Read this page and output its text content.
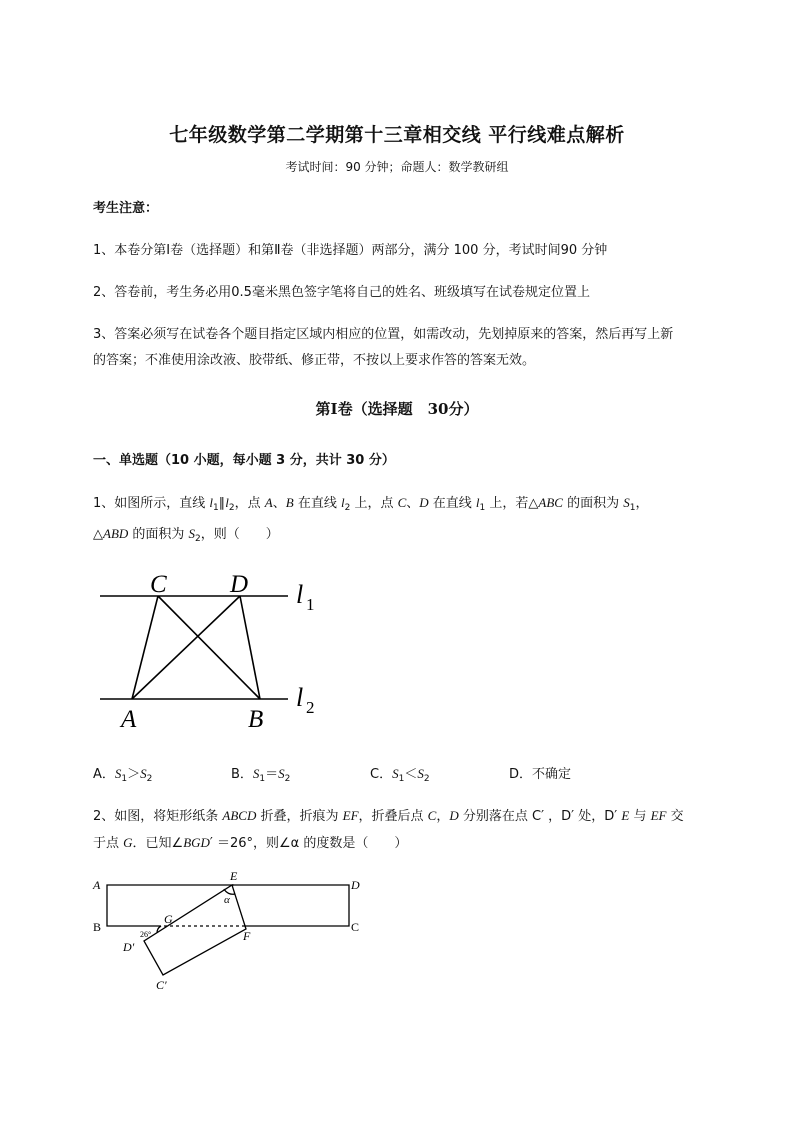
七年级数学第二学期第十三章相交线 平行线难点解析
考试时间：90 分钟；命题人：数学教研组
考生注意：
1、本卷分第Ⅰ卷（选择题）和第Ⅱ卷（非选择题）两部分，满分 100 分，考试时间90 分钟
2、答卷前，考生务必用0.5毫米黑色签字笔将自己的姓名、班级填写在试卷规定位置上
3、答案必须写在试卷各个题目指定区域内相应的位置，如需改动，先划掉原来的答案，然后再写上新
的答案；不准使用涂改液、胶带纸、修正带，不按以上要求作答的答案无效。
第Ⅰ卷（选择题　30分）
一、单选题（10 小题，每小题 3 分，共计 30 分）
1、如图所示，直线 $l_1\parallel l_2$，点 A、B 在直线 $l_2$ 上，点 C、D 在直线 $l_1$ 上，若△ABC 的面积为 $S_1$，
△ABD 的面积为 $S_2$，则（　　）
C	D
A	B
l 1
l 2
A．$S_1>S_2$	B．$S_1=S_2$	C．$S_1<S_2$	D．不确定
2、如图，将矩形纸条 ABCD 折叠，折痕为 EF，折叠后点 C，D 分别落在点 C′ ，D′ 处，D′ E 与 EF 交
于点 G．已知∠BGD′ ＝26°，则∠α 的度数是（　　）
A	D
B	C
E
G
F
D′
C′
α
26°
